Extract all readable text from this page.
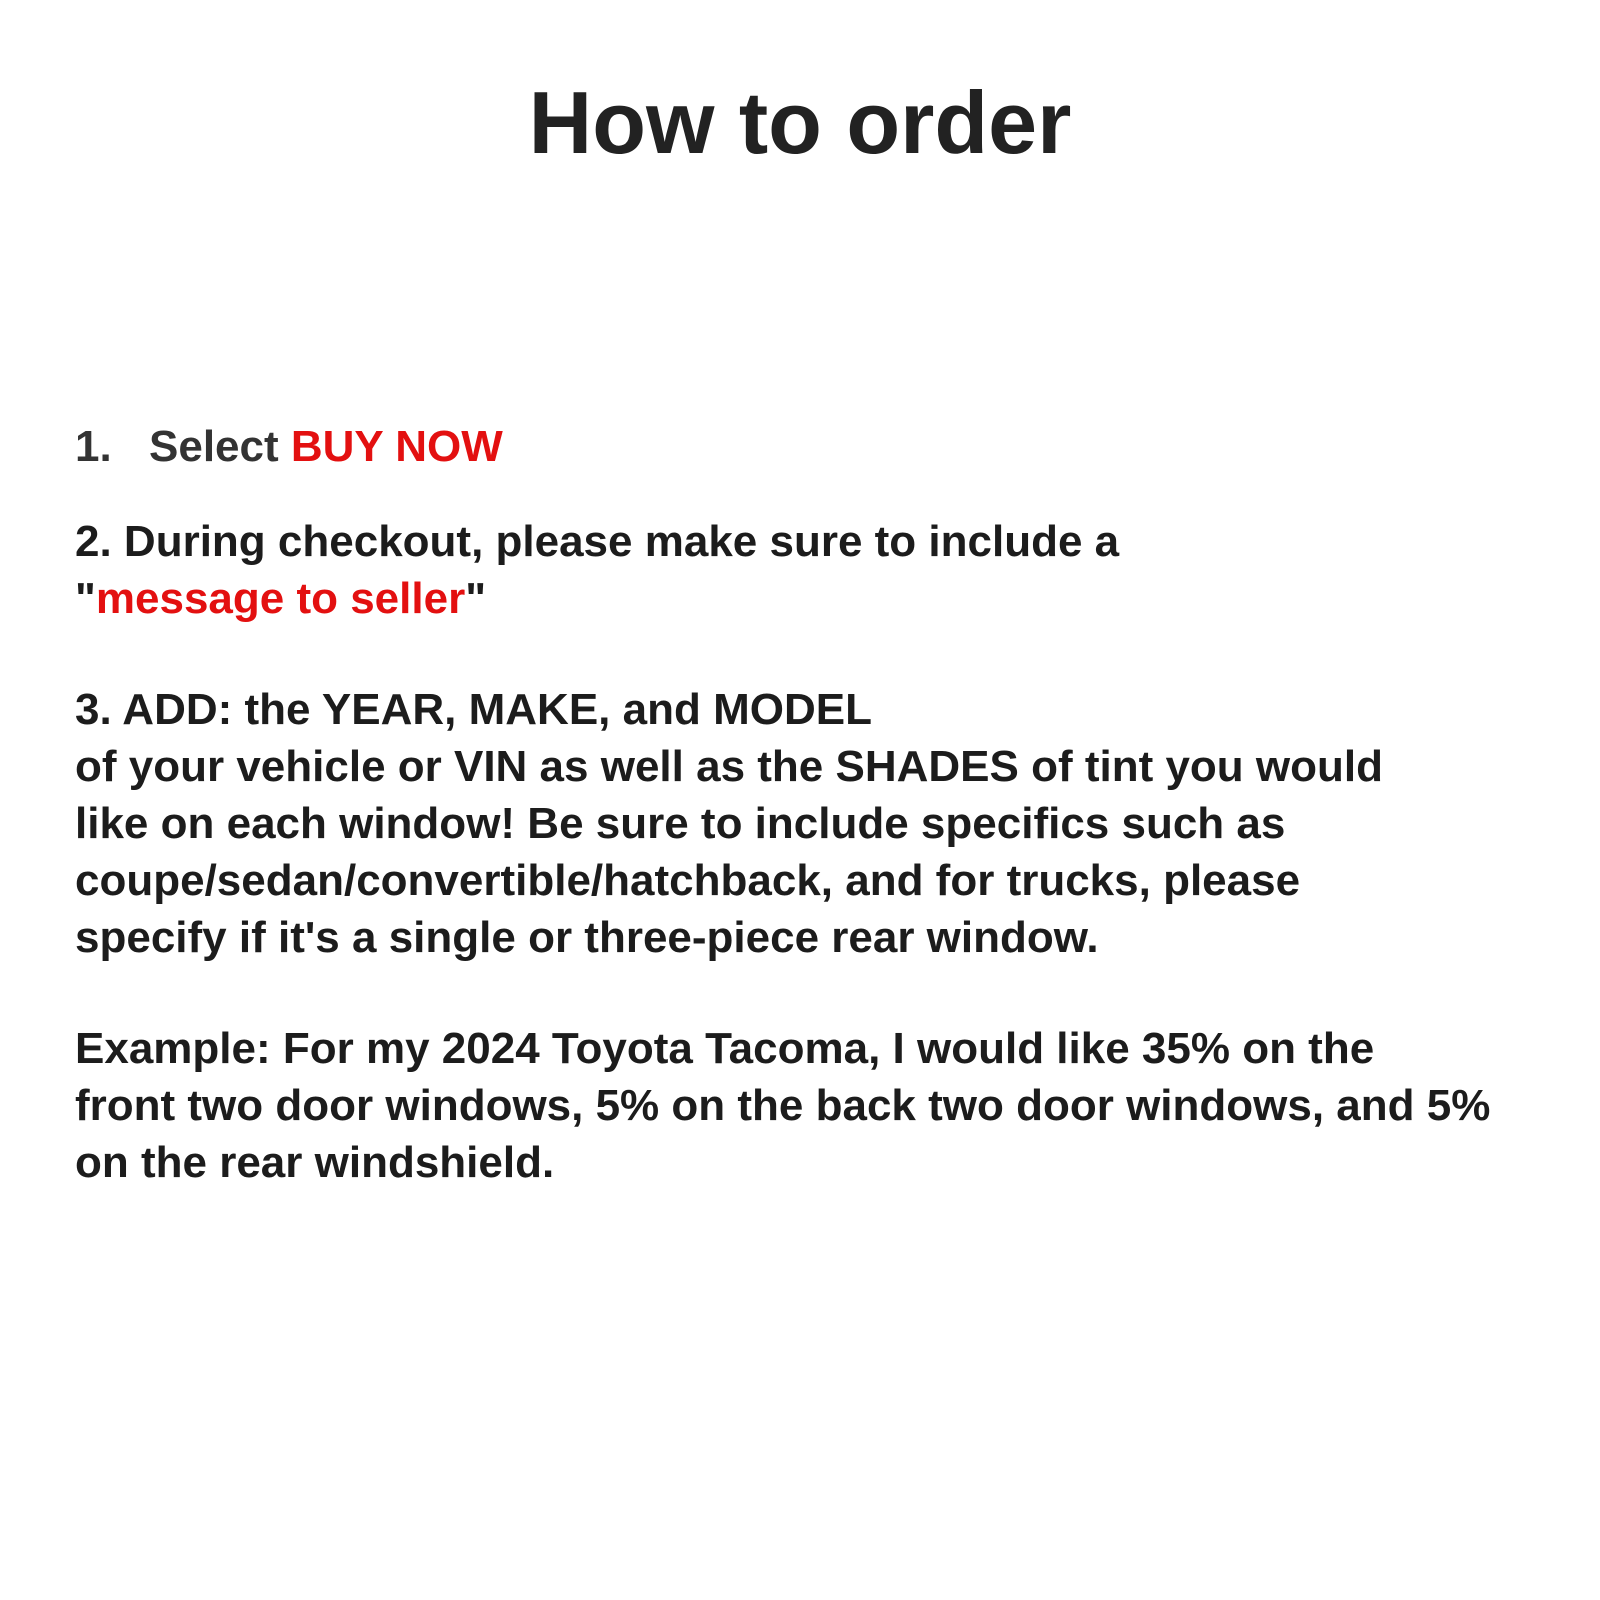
How to order

1. Select BUY NOW

2. During checkout, please make sure to include a
"message to seller"

3. ADD: the YEAR, MAKE, and MODEL
of your vehicle or VIN as well as the SHADES of tint you would
like on each window! Be sure to include specifics such as
coupe/sedan/convertible/hatchback, and for trucks, please
specify if it's a single or three-piece rear window.

Example: For my 2024 Toyota Tacoma, I would like 35% on the
front two door windows, 5% on the back two door windows, and 5%
on the rear windshield.
